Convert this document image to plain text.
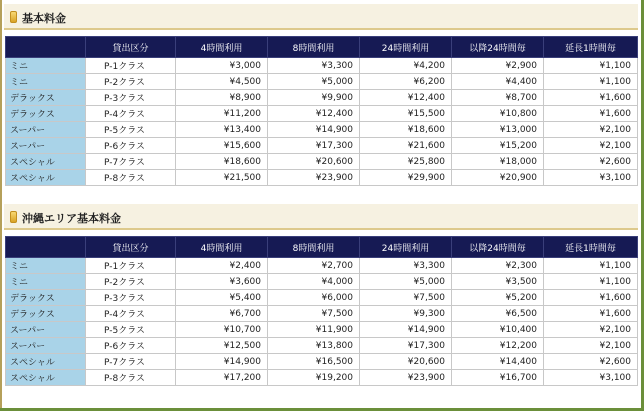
基本料金
	貸出区分	4時間利用	8時間利用	24時間利用	以降24時間毎	延長1時間毎
ミニ	P-1クラス	¥3,000	¥3,300	¥4,200	¥2,900	¥1,100
ミニ	P-2クラス	¥4,500	¥5,000	¥6,200	¥4,400	¥1,100
デラックス	P-3クラス	¥8,900	¥9,900	¥12,400	¥8,700	¥1,600
デラックス	P-4クラス	¥11,200	¥12,400	¥15,500	¥10,800	¥1,600
スーパー	P-5クラス	¥13,400	¥14,900	¥18,600	¥13,000	¥2,100
スーパー	P-6クラス	¥15,600	¥17,300	¥21,600	¥15,200	¥2,100
スペシャル	P-7クラス	¥18,600	¥20,600	¥25,800	¥18,000	¥2,600
スペシャル	P-8クラス	¥21,500	¥23,900	¥29,900	¥20,900	¥3,100
沖縄エリア基本料金
	貸出区分	4時間利用	8時間利用	24時間利用	以降24時間毎	延長1時間毎
ミニ	P-1クラス	¥2,400	¥2,700	¥3,300	¥2,300	¥1,100
ミニ	P-2クラス	¥3,600	¥4,000	¥5,000	¥3,500	¥1,100
デラックス	P-3クラス	¥5,400	¥6,000	¥7,500	¥5,200	¥1,600
デラックス	P-4クラス	¥6,700	¥7,500	¥9,300	¥6,500	¥1,600
スーパー	P-5クラス	¥10,700	¥11,900	¥14,900	¥10,400	¥2,100
スーパー	P-6クラス	¥12,500	¥13,800	¥17,300	¥12,200	¥2,100
スペシャル	P-7クラス	¥14,900	¥16,500	¥20,600	¥14,400	¥2,600
スペシャル	P-8クラス	¥17,200	¥19,200	¥23,900	¥16,700	¥3,100
